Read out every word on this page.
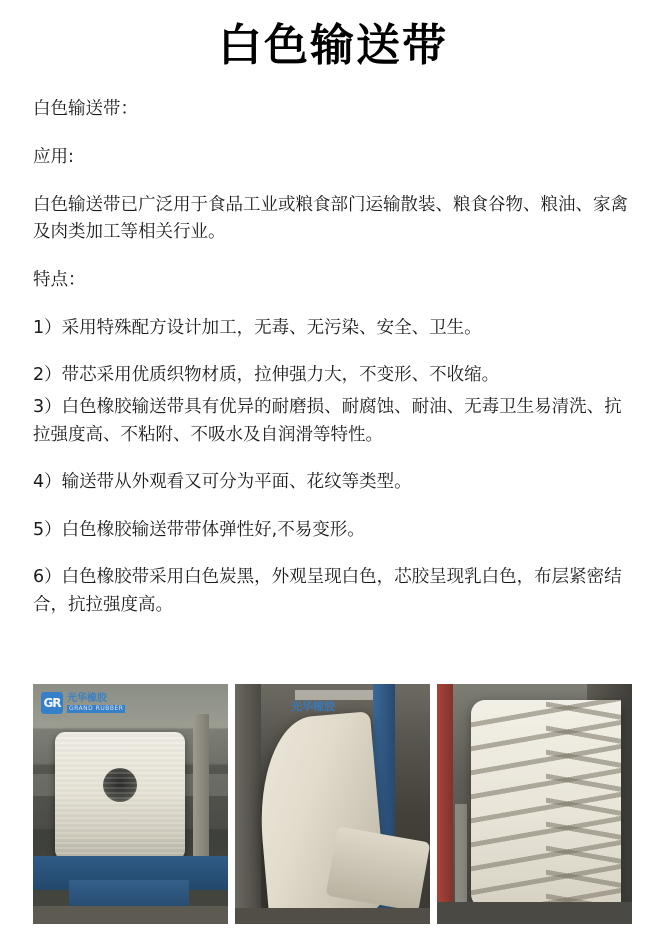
白色输送带

白色输送带：

应用:

白色输送带已广泛用于食品工业或粮食部门运输散装、粮食谷物、粮油、家禽及肉类加工等相关行业。

特点：

1）采用特殊配方设计加工，无毒、无污染、安全、卫生。

2）带芯采用优质织物材质，拉伸强力大，不变形、不收缩。

3）白色橡胶输送带具有优异的耐磨损、耐腐蚀、耐油、无毒卫生易清洗、抗拉强度高、不粘附、不吸水及自润滑等特性。

4）输送带从外观看又可分为平面、花纹等类型。

5）白色橡胶输送带带体弹性好,不易变形。

6）白色橡胶带采用白色炭黑，外观呈现白色，芯胶呈现乳白色，布层紧密结合，抗拉强度高。

GR 光华橡胶
GRAND RUBBER	光华橡胶
